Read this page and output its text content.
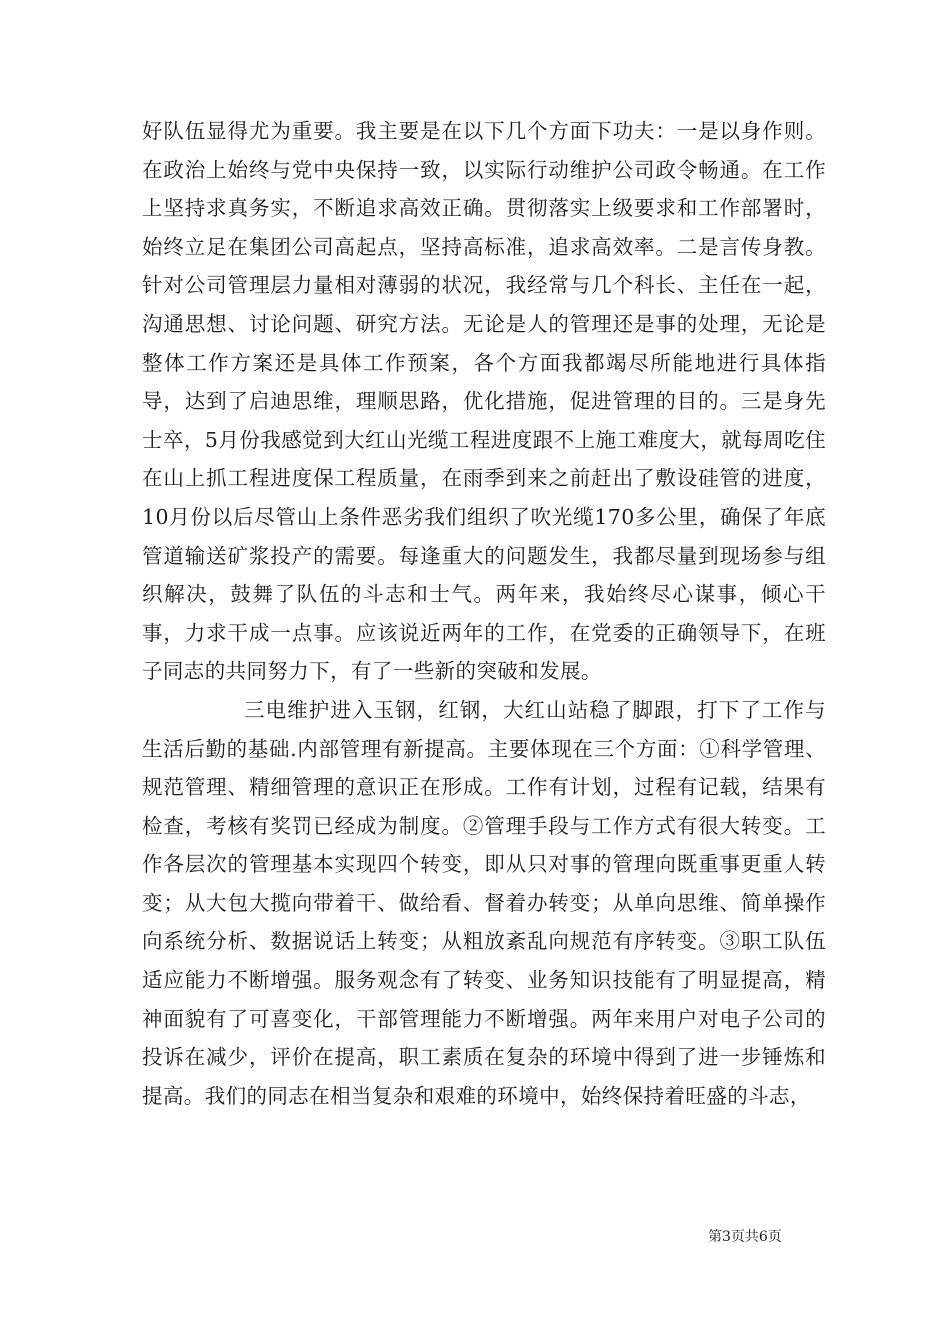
好队伍显得尤为重要。我主要是在以下几个方面下功夫：一是以身作则。在政治上始终与党中央保持一致，以实际行动维护公司政令畅通。在工作上坚持求真务实，不断追求高效正确。贯彻落实上级要求和工作部署时，始终立足在集团公司高起点，坚持高标准，追求高效率。二是言传身教。针对公司管理层力量相对薄弱的状况，我经常与几个科长、主任在一起，沟通思想、讨论问题、研究方法。无论是人的管理还是事的处理，无论是整体工作方案还是具体工作预案，各个方面我都竭尽所能地进行具体指导，达到了启迪思维，理顺思路，优化措施，促进管理的目的。三是身先士卒，5月份我感觉到大红山光缆工程进度跟不上施工难度大，就每周吃住在山上抓工程进度保工程质量，在雨季到来之前赶出了敷设硅管的进度，10月份以后尽管山上条件恶劣我们组织了吹光缆170多公里，确保了年底管道输送矿浆投产的需要。每逢重大的问题发生，我都尽量到现场参与组织解决，鼓舞了队伍的斗志和士气。两年来，我始终尽心谋事，倾心干事，力求干成一点事。应该说近两年的工作，在党委的正确领导下，在班子同志的共同努力下，有了一些新的突破和发展。

三电维护进入玉钢，红钢，大红山站稳了脚跟，打下了工作与生活后勤的基础.内部管理有新提高。主要体现在三个方面：①科学管理、规范管理、精细管理的意识正在形成。工作有计划，过程有记载，结果有检查，考核有奖罚已经成为制度。②管理手段与工作方式有很大转变。工作各层次的管理基本实现四个转变，即从只对事的管理向既重事更重人转变；从大包大揽向带着干、做给看、督着办转变；从单向思维、简单操作向系统分析、数据说话上转变；从粗放紊乱向规范有序转变。③职工队伍适应能力不断增强。服务观念有了转变、业务知识技能有了明显提高，精神面貌有了可喜变化，干部管理能力不断增强。两年来用户对电子公司的投诉在减少，评价在提高，职工素质在复杂的环境中得到了进一步锤炼和提高。我们的同志在相当复杂和艰难的环境中，始终保持着旺盛的斗志，

第3页共6页
